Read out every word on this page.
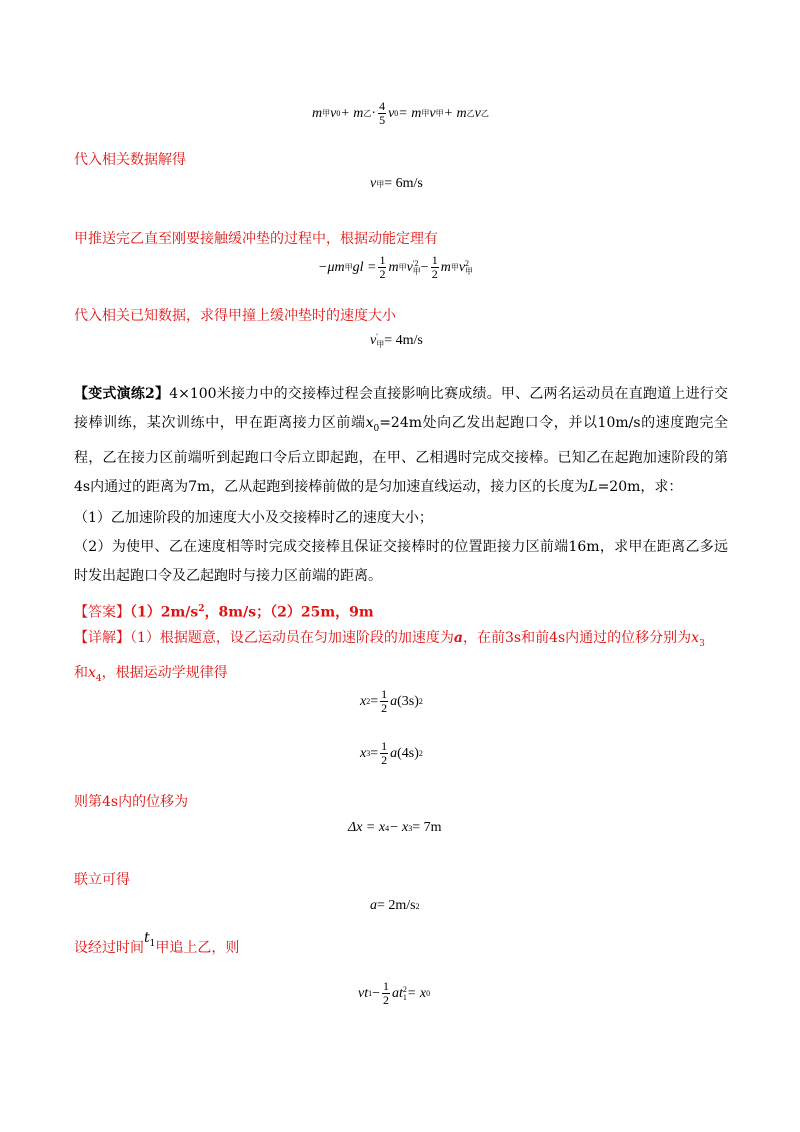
m 甲 v 0 + m 乙 · $\frac{4}{5}$ v 0 = m 甲 v 甲 + m 乙 v 乙
代入相关数据解得
v 甲 = 6m/s
甲推送完乙直至刚要接触缓冲垫的过程中，根据动能定理有
−μm 甲 gl = $\frac{1}{2}$ m 甲 v ′2
甲 − $\frac{1}{2}$ m 甲 v 2
甲
代入相关已知数据，求得甲撞上缓冲垫时的速度大小
v ′
甲 = 4m/s
【变式演练2】4×100米接力中的交接棒过程会直接影响比赛成绩。甲、乙两名运动员在直跑道上进行交接棒训练，某次训练中，甲在距离接力区前端$x_0=24m$处向乙发出起跑口令，并以10m/s的速度跑完全程，乙在接力区前端听到起跑口令后立即起跑，在甲、乙相遇时完成交接棒。已知乙在起跑加速阶段的第4s内通过的距离为7m，乙从起跑到接棒前做的是匀加速直线运动，接力区的长度为L=20m，求：
（1）乙加速阶段的加速度大小及交接棒时乙的速度大小；
（2）为使甲、乙在速度相等时完成交接棒且保证交接棒时的位置距接力区前端16m，求甲在距离乙多远时发出起跑口令及乙起跑时与接力区前端的距离。
【答案】$(1)2m/s^2$，8m/s；（2）25m，9m
【详解】（1）根据题意，设乙运动员在匀加速阶段的加速度为a，在前3s和前4s内通过的位移分别为$x_3$
和$x_4$，根据运动学规律得
x $2 = \frac{1}{2}$ a (3s) 2
x $3 = \frac{1}{2}$ a (4s) 2
则第4s内的位移为
Δx = x 4 − x 3 = 7m
联立可得
a = 2m/s 2
设经过时间$t_1$甲追上乙，则
vt $1 - \frac{1}{2}$ at 2
1 = x 0
